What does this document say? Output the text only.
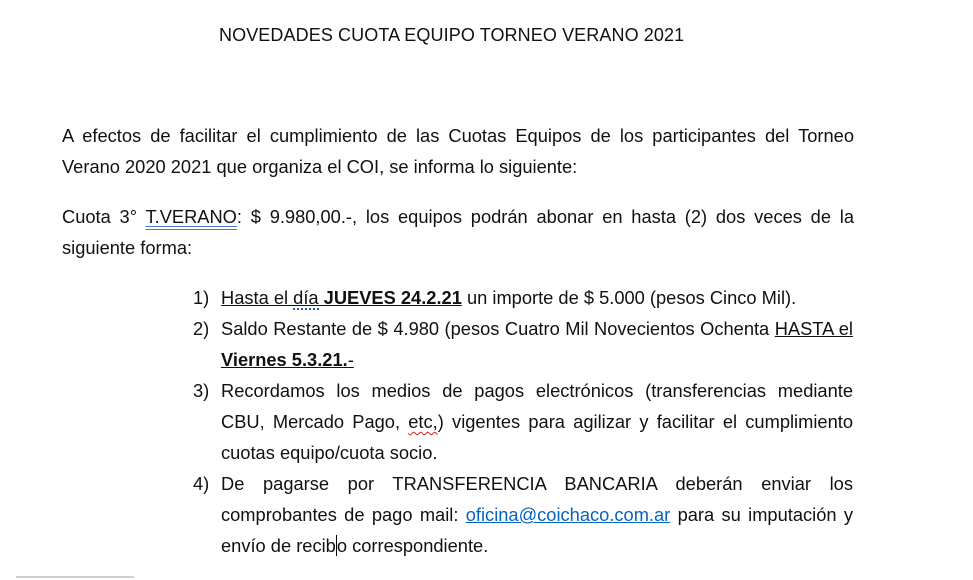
NOVEDADES CUOTA EQUIPO TORNEO VERANO 2021
A efectos de facilitar el cumplimiento de las Cuotas Equipos de los participantes del Torneo Verano 2020 2021 que organiza el COI, se informa lo siguiente:
Cuota 3° T.VERANO: $ 9.980,00.-, los equipos podrán abonar en hasta (2) dos veces de la siguiente forma:
1) Hasta el día JUEVES 24.2.21 un importe de $ 5.000 (pesos Cinco Mil).
2) Saldo Restante de $ 4.980 (pesos Cuatro Mil Novecientos Ochenta HASTA el Viernes 5.3.21.-
3) Recordamos los medios de pagos electrónicos (transferencias mediante CBU, Mercado Pago, etc,) vigentes para agilizar y facilitar el cumplimiento cuotas equipo/cuota socio.
4) De pagarse por TRANSFERENCIA BANCARIA deberán enviar los comprobantes de pago mail: oficina@coichaco.com.ar para su imputación y envío de recibo correspondiente.
